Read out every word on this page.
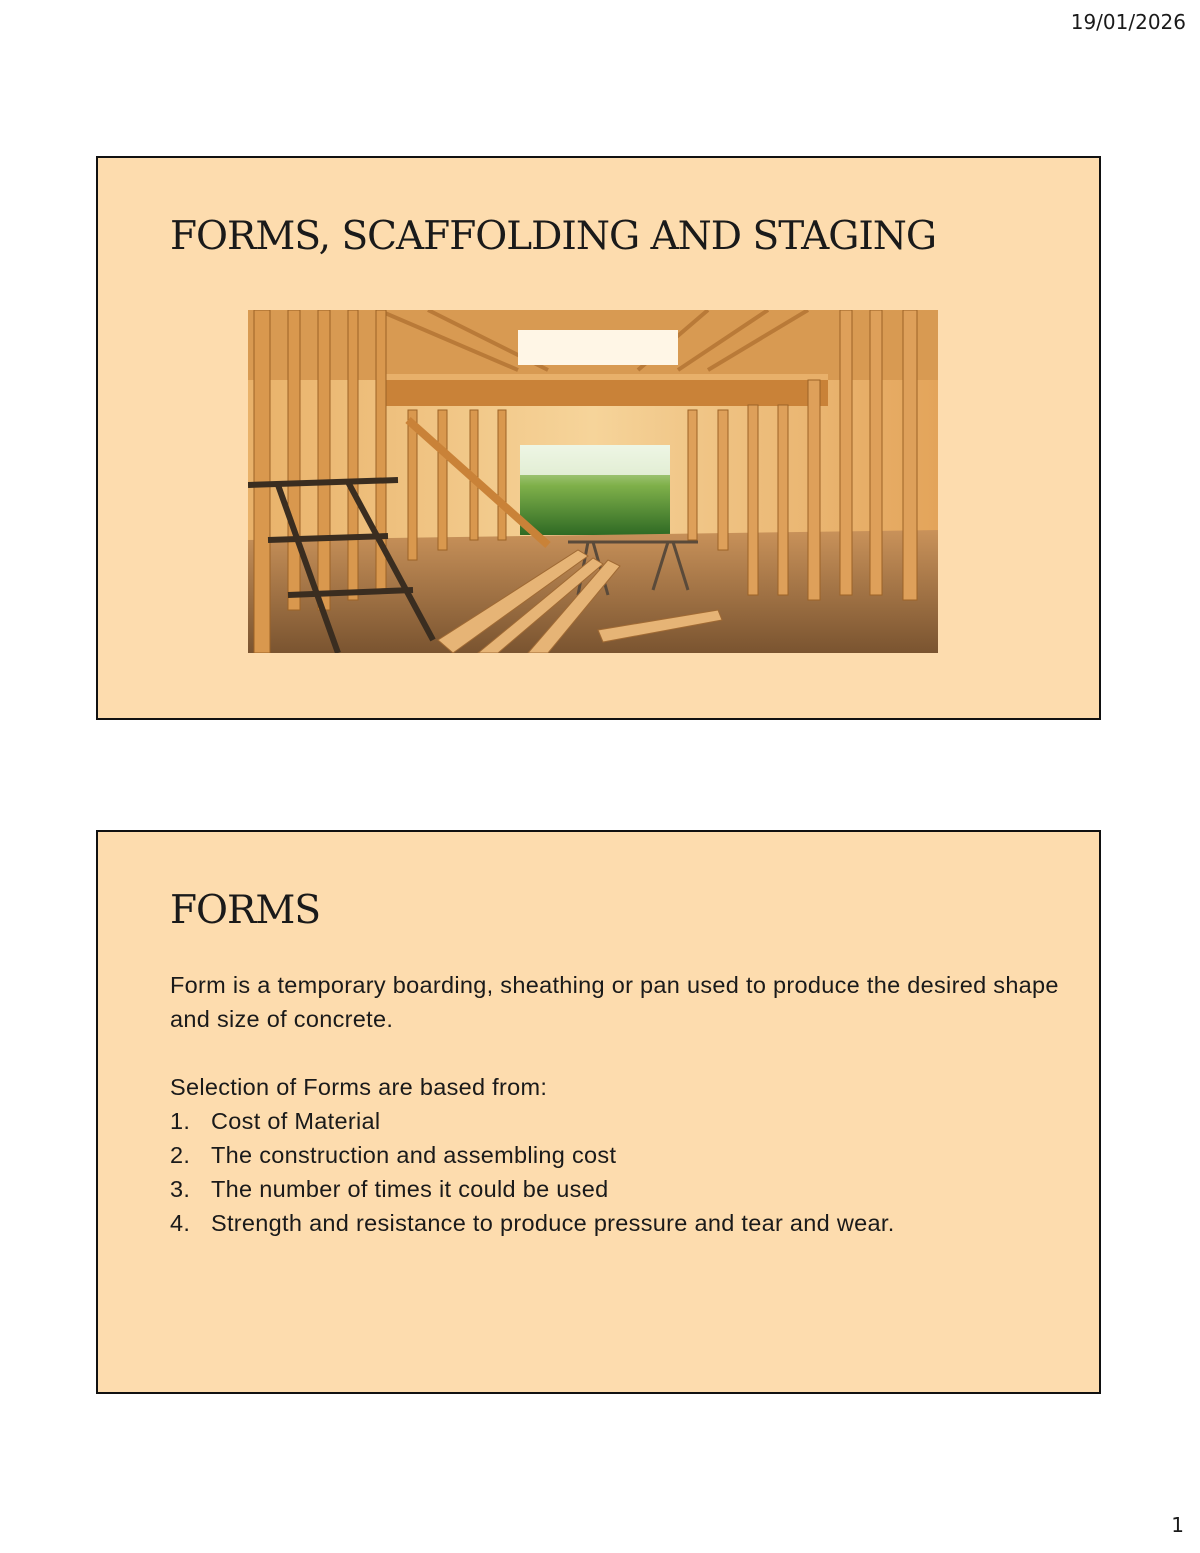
19/01/2026
FORMS, SCAFFOLDING AND STAGING
FORMS

Form is a temporary boarding, sheathing or pan used to produce the desired shape and size of concrete.

Selection of Forms are based from:

1. Cost of Material
2. The construction and assembling cost
3. The number of times it could be used
4. Strength and resistance to produce pressure and tear and wear.
1
